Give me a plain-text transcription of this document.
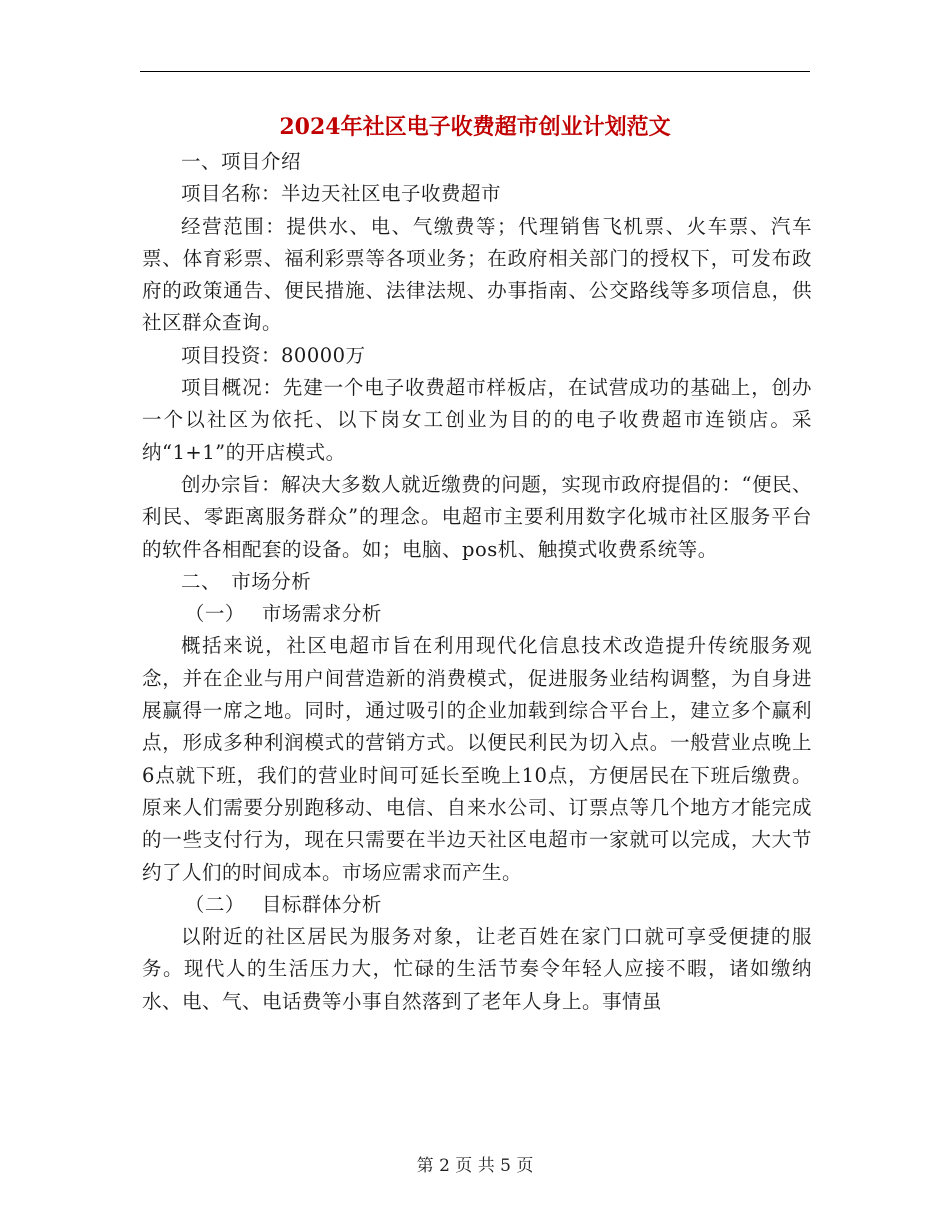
2024年社区电子收费超市创业计划范文

一、项目介绍

项目名称：半边天社区电子收费超市

经营范围：提供水、电、气缴费等；代理销售飞机票、火车票、汽车票、体育彩票、福利彩票等各项业务；在政府相关部门的授权下，可发布政府的政策通告、便民措施、法律法规、办事指南、公交路线等多项信息，供社区群众查询。

项目投资：80000万

项目概况：先建一个电子收费超市样板店，在试营成功的基础上，创办一个以社区为依托、以下岗女工创业为目的的电子收费超市连锁店。采纳“1+1”的开店模式。

创办宗旨：解决大多数人就近缴费的问题，实现市政府提倡的：“便民、利民、零距离服务群众”的理念。电超市主要利用数字化城市社区服务平台的软件各相配套的设备。如；电脑、pos机、触摸式收费系统等。

二、　市场分析

（一）　 市场需求分析

概括来说，社区电超市旨在利用现代化信息技术改造提升传统服务观念，并在企业与用户间营造新的消费模式，促进服务业结构调整，为自身进展赢得一席之地。同时，通过吸引的企业加载到综合平台上，建立多个赢利点，形成多种利润模式的营销方式。以便民利民为切入点。一般营业点晚上6点就下班，我们的营业时间可延长至晚上10点，方便居民在下班后缴费。原来人们需要分别跑移动、电信、自来水公司、订票点等几个地方才能完成的一些支付行为，现在只需要在半边天社区电超市一家就可以完成，大大节约了人们的时间成本。市场应需求而产生。

（二）　 目标群体分析

以附近的社区居民为服务对象，让老百姓在家门口就可享受便捷的服务。现代人的生活压力大，忙碌的生活节奏令年轻人应接不暇，诸如缴纳水、电、气、电话费等小事自然落到了老年人身上。事情虽

第 2 页 共 5 页
